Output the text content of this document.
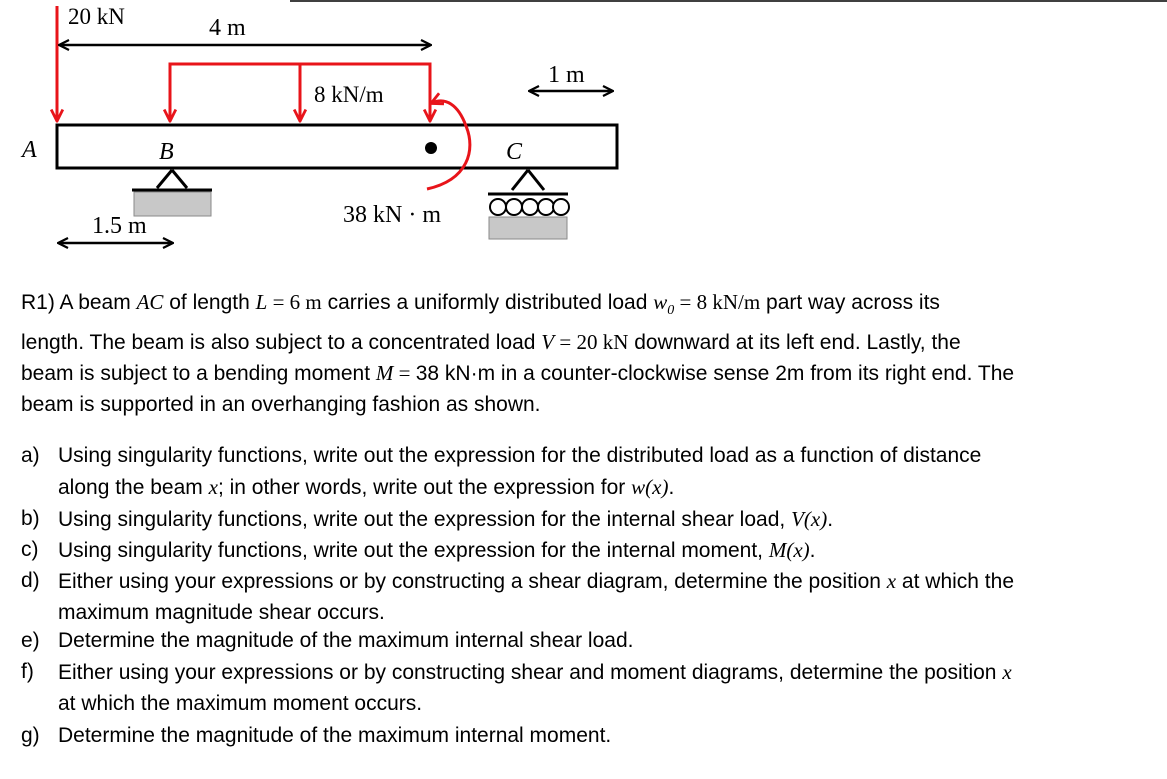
20 kN	4 m
8 kN/m
1 m
A	B	C
38 kN · m
1.5 m
R1) A beam AC of length L = 6 m carries a uniformly distributed load $w_0 = 8$ kN/m part way across its
length. The beam is also subject to a concentrated load V = 20 kN downward at its left end. Lastly, the
beam is subject to a bending moment M = 38 kN·m in a counter-clockwise sense 2m from its right end. The
beam is supported in an overhanging fashion as shown.
a) Using singularity functions, write out the expression for the distributed load as a function of distance
along the beam x; in other words, write out the expression for w(x).
b) Using singularity functions, write out the expression for the internal shear load, V(x).
c) Using singularity functions, write out the expression for the internal moment, M(x).
d) Either using your expressions or by constructing a shear diagram, determine the position x at which the
maximum magnitude shear occurs.
e) Determine the magnitude of the maximum internal shear load.
f) Either using your expressions or by constructing shear and moment diagrams, determine the position x
at which the maximum moment occurs.
g) Determine the magnitude of the maximum internal moment.
